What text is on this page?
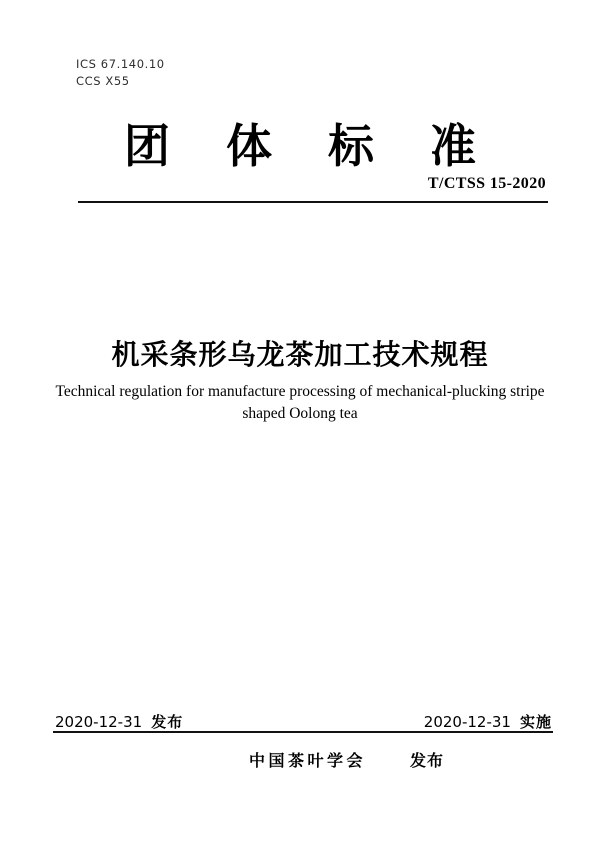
ICS 67.140.10
CCS X55
团体标准
T/CTSS 15-2020
机采条形乌龙茶加工技术规程
Technical regulation for manufacture processing of mechanical-plucking stripe
shaped Oolong tea
2020-12-31 发布	2020-12-31 实施
中国茶叶学会	发布
